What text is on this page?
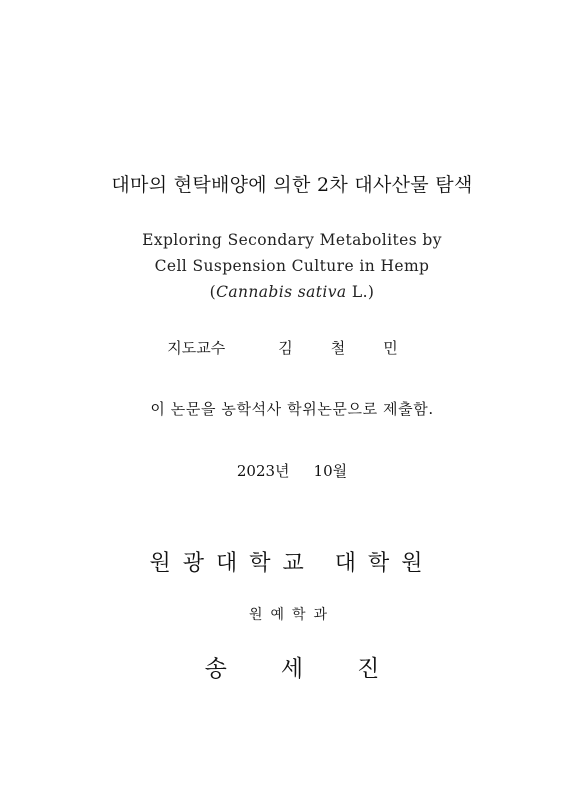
대마의 현탁배양에 의한 2차 대사산물 탐색
Exploring Secondary Metabolites by
Cell Suspension Culture in Hemp
(Cannabis sativa L.)
지도교수	김	철	민
이 논문을 농학석사 학위논문으로 제출함.
2023년 10월
원광대학교 대학원
원예학과
송 세 진
